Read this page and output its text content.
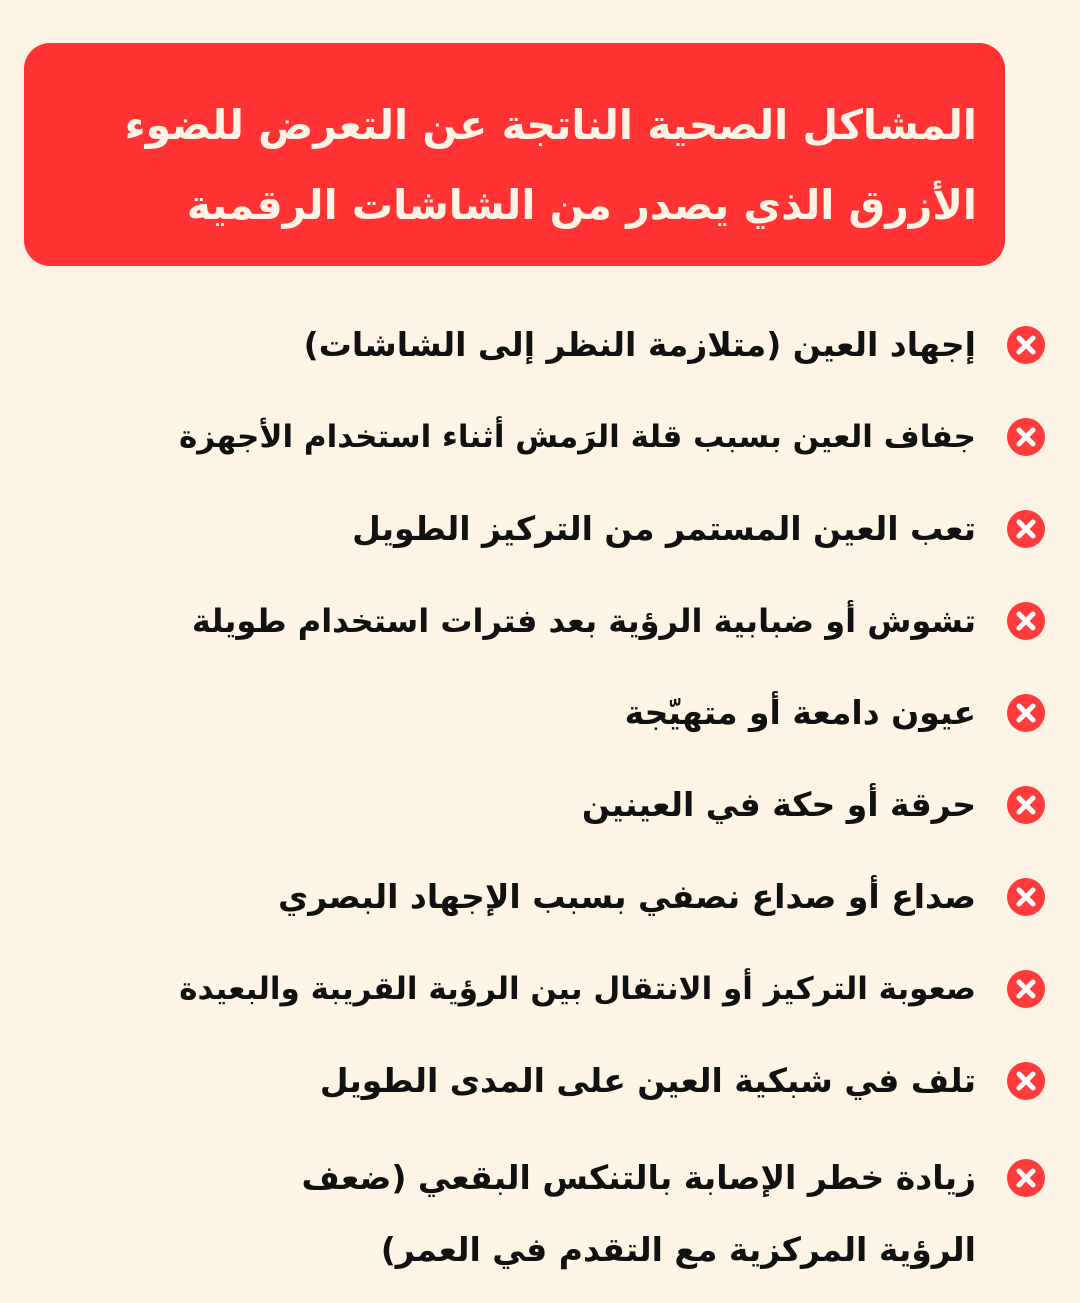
المشاكل الصحية الناتجة عن التعرض للضوء الأزرق الذي يصدر من الشاشات الرقمية
إجهاد العين (متلازمة النظر إلى الشاشات)
جفاف العين بسبب قلة الرَمش أثناء استخدام الأجهزة
تعب العين المستمر من التركيز الطويل
تشوش أو ضبابية الرؤية بعد فترات استخدام طويلة
عيون دامعة أو متهيّجة
حرقة أو حكة في العينين
صداع أو صداع نصفي بسبب الإجهاد البصري
صعوبة التركيز أو الانتقال بين الرؤية القريبة والبعيدة
تلف في شبكية العين على المدى الطويل
زيادة خطر الإصابة بالتنكس البقعي (ضعف الرؤية المركزية مع التقدم في العمر)
